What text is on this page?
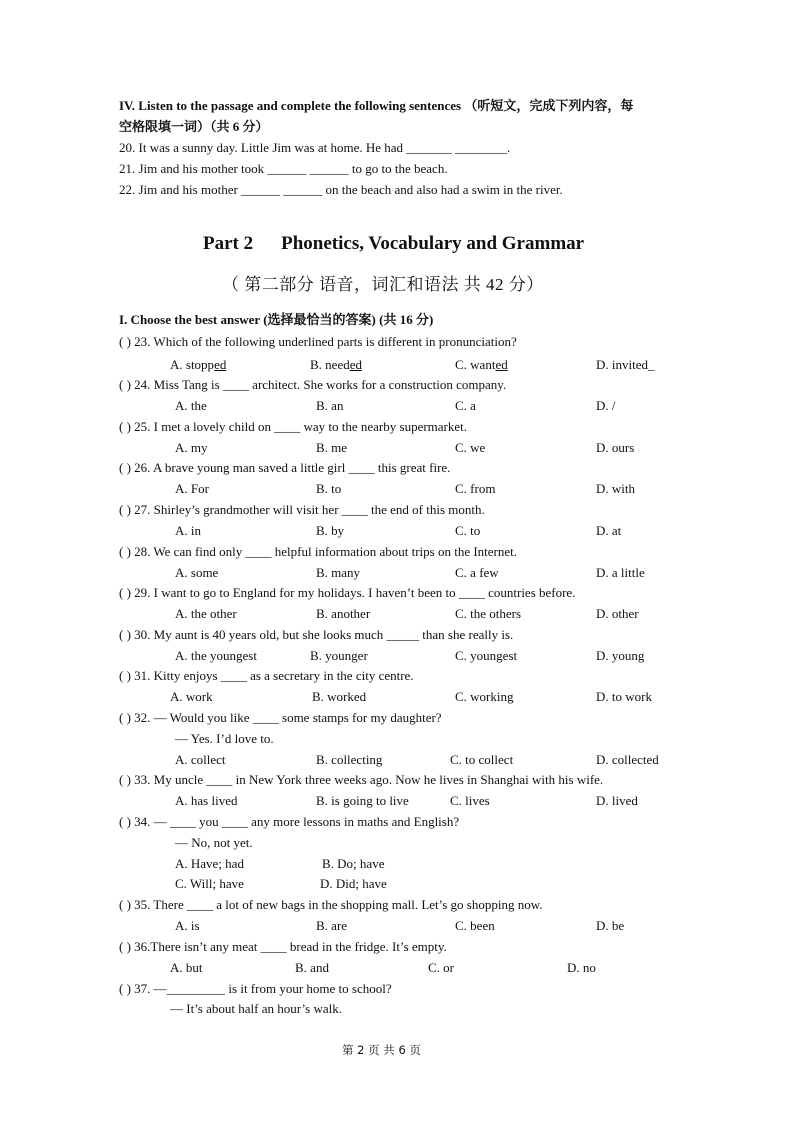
IV. Listen to the passage and complete the following sentences （听短文，完成下列内容，每
空格限填一词）（共 6 分）
20. It was a sunny day. Little Jim was at home. He had _______ ________.
21. Jim and his mother took ______ ______ to go to the beach.
22. Jim and his mother ______ ______ on the beach and also had a swim in the river.
Part 2 Phonetics, Vocabulary and Grammar
（ 第二部分 语音，词汇和语法 共 42 分）
I. Choose the best answer (选择最恰当的答案) (共 16 分)
( ) 23. Which of the following underlined parts is different in pronunciation?
A. stopped	B. needed	C. wanted	D. invited_
( ) 24. Miss Tang is ____ architect. She works for a construction company.
A. the	B. an	C. a	D. /
( ) 25. I met a lovely child on ____ way to the nearby supermarket.
A. my	B. me	C. we	D. ours
( ) 26. A brave young man saved a little girl ____ this great fire.
A. For	B. to	C. from	D. with
( ) 27. Shirley’s grandmother will visit her ____ the end of this month.
A. in	B. by	C. to	D. at
( ) 28. We can find only ____ helpful information about trips on the Internet.
A. some	B. many	C. a few	D. a little
( ) 29. I want to go to England for my holidays. I haven’t been to ____ countries before.
A. the other	B. another	C. the others	D. other
( ) 30. My aunt is 40 years old, but she looks much _____ than she really is.
A. the youngest	B. younger	C. youngest	D. young
( ) 31. Kitty enjoys ____ as a secretary in the city centre.
A. work	B. worked	C. working	D. to work
( ) 32. — Would you like ____ some stamps for my daughter?
— Yes. I’d love to.
A. collect	B. collecting	C. to collect	D. collected
( ) 33. My uncle ____ in New York three weeks ago. Now he lives in Shanghai with his wife.
A. has lived	B. is going to live	C. lives	D. lived
( ) 34. — ____ you ____ any more lessons in maths and English?
— No, not yet.
A. Have; had	B. Do; have
C. Will; have	D. Did; have
( ) 35. There ____ a lot of new bags in the shopping mall. Let’s go shopping now.
A. is	B. are	C. been	D. be
( ) 36.There isn’t any meat ____ bread in the fridge. It’s empty.
A. but	B. and	C. or	D. no
( ) 37. —_________ is it from your home to school?
— It’s about half an hour’s walk.
第 2 页 共 6 页
